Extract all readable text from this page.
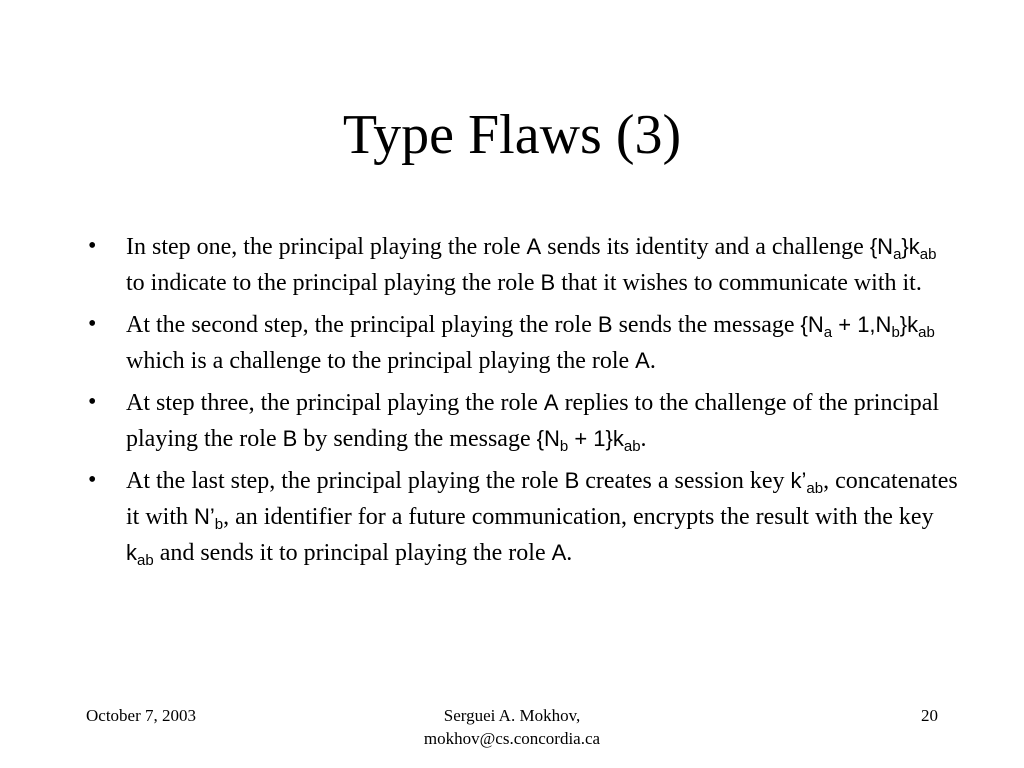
Type Flaws (3)
• In step one, the principal playing the role A sends its identity and a challenge $\{N_a\}k_{ab}$ to indicate to the principal playing the role B that it wishes to communicate with it.
• At the second step, the principal playing the role B sends the message $\{N_a + 1,N_b\}k_{ab}$ which is a challenge to the principal playing the role A.
• At step three, the principal playing the role A replies to the challenge of the principal playing the role B by sending the message $\{N_b + 1\}k_{ab}$.
• At the last step, the principal playing the role B creates a session key $k’_{ab}$, concatenates it with $N’_b$, an identifier for a future communication, encrypts the result with the key $k_{ab}$ and sends it to principal playing the role A.
October 7, 2003	Serguei A. Mokhov,
mokhov@cs.concordia.ca
20
